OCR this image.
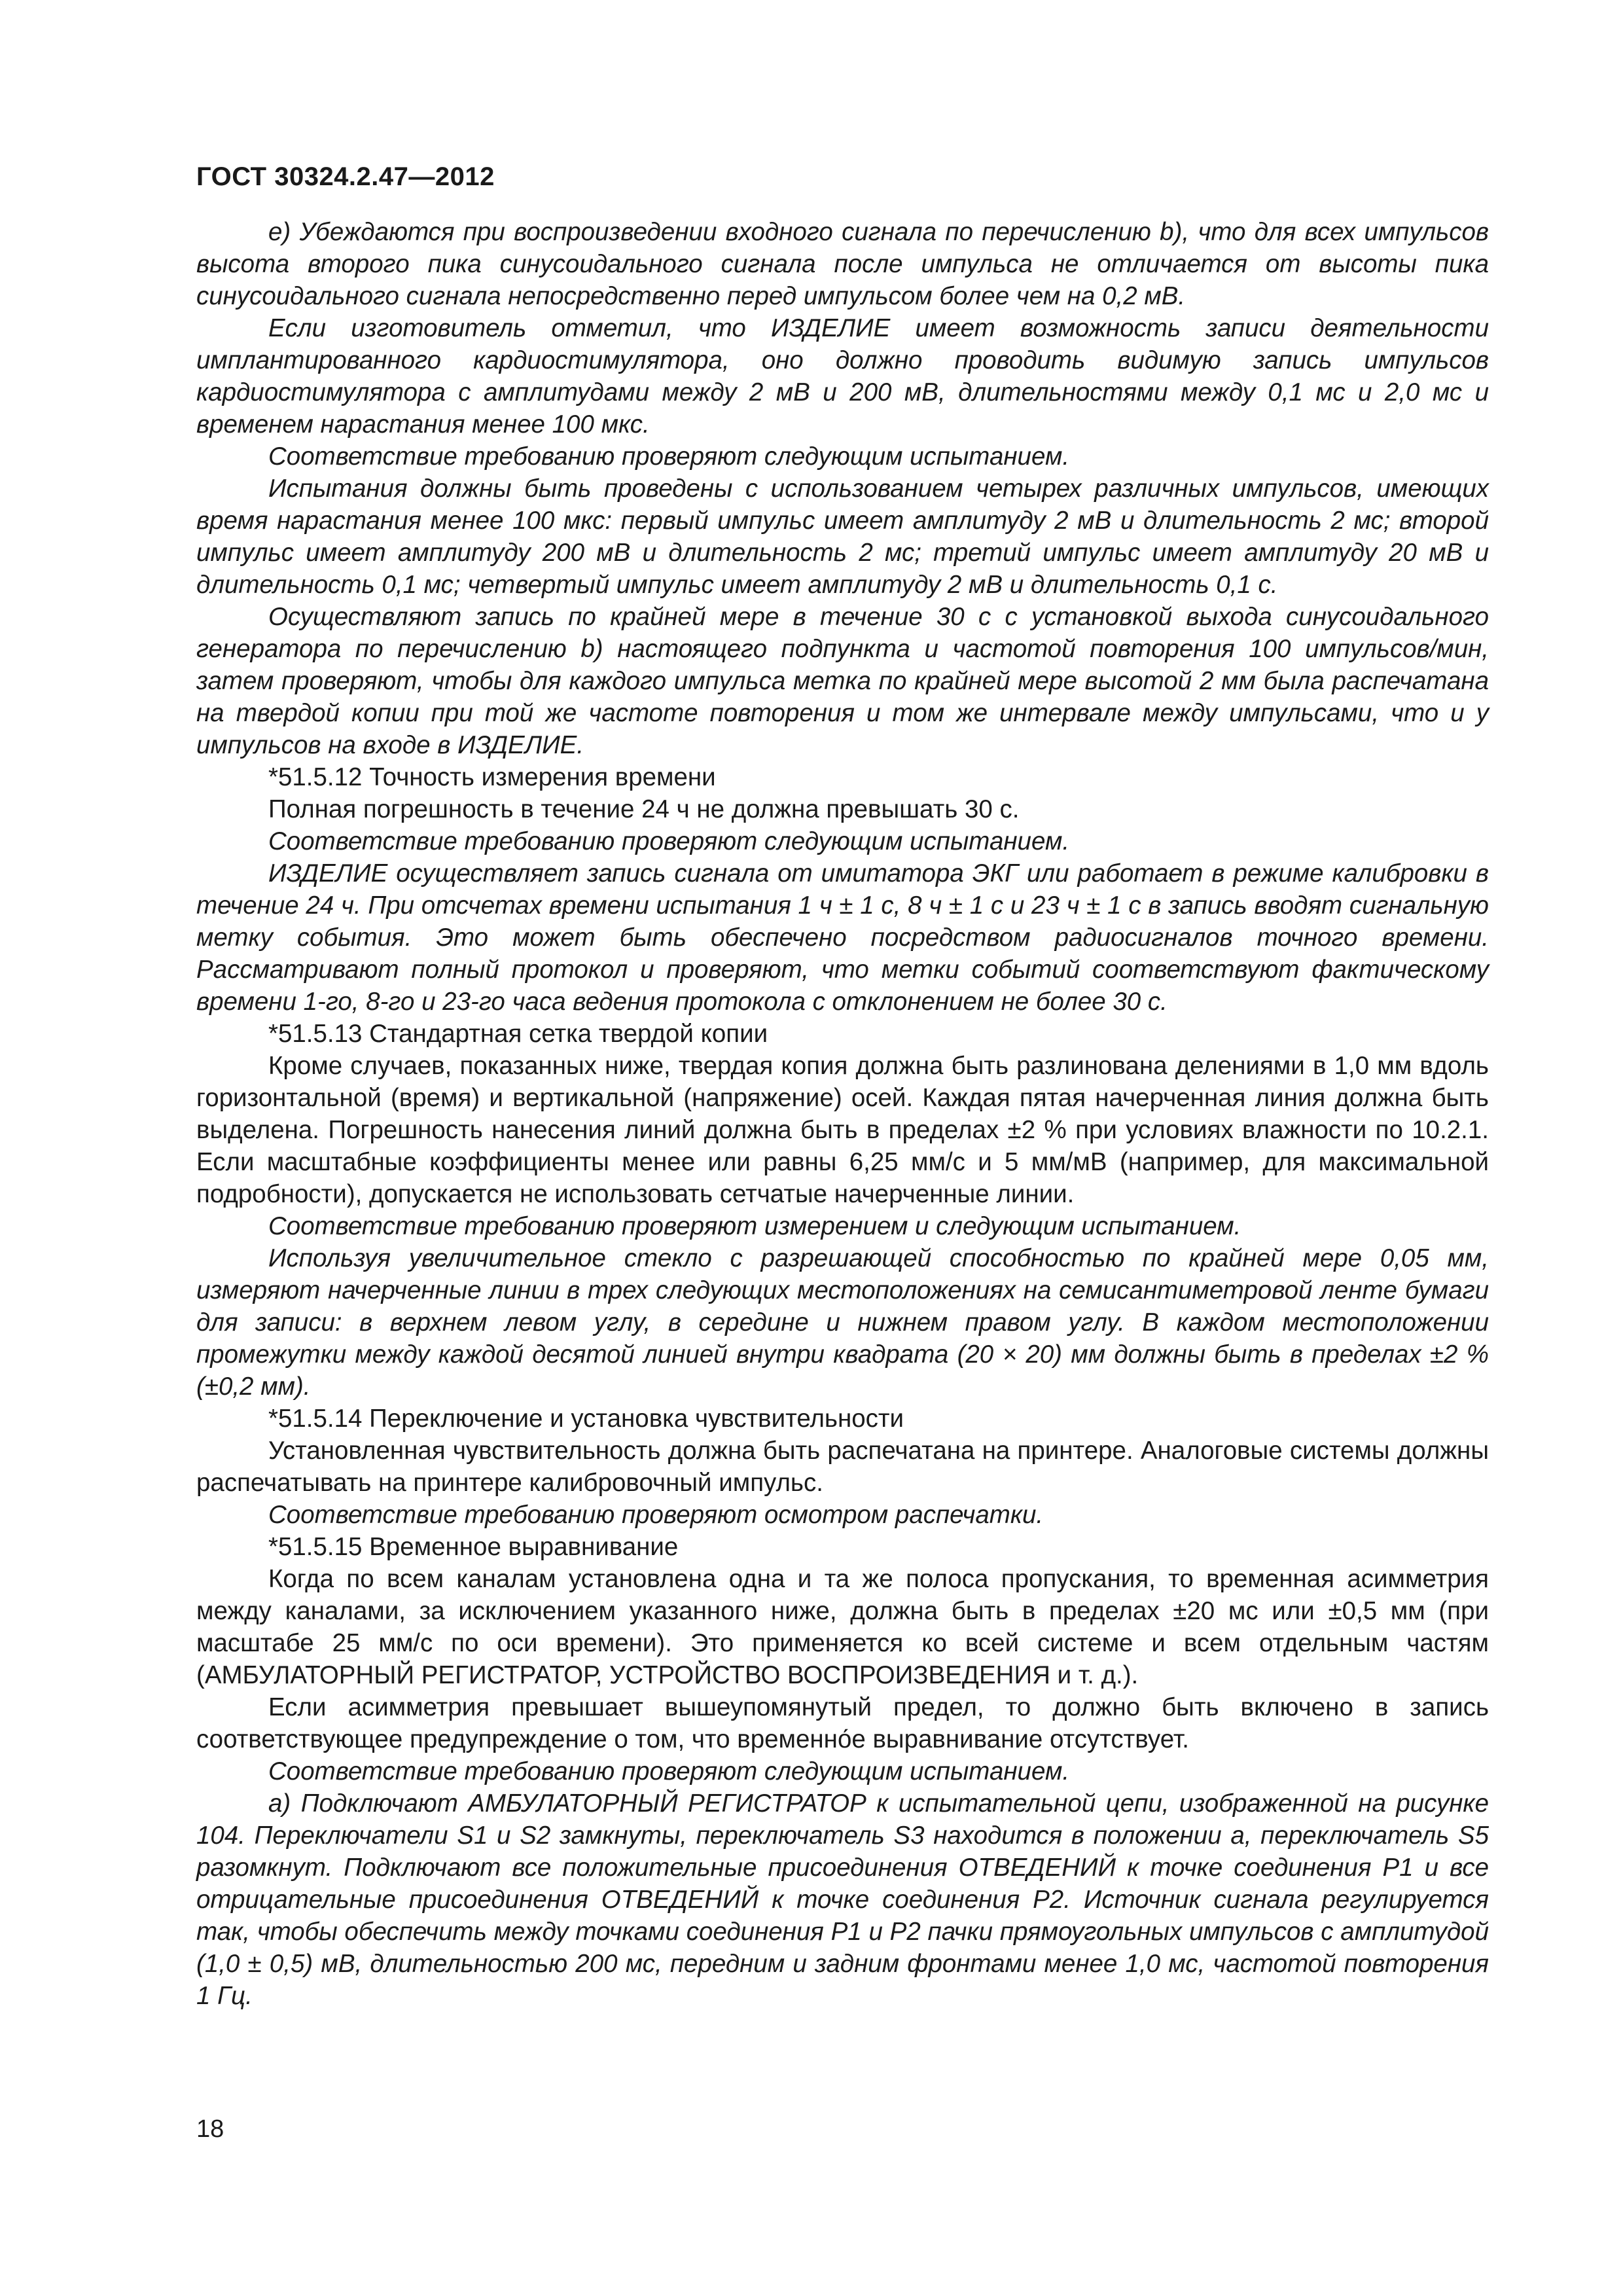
ГОСТ 30324.2.47—2012

е) Убеждаются при воспроизведении входного сигнала по перечислению b), что для всех импульсов высота второго пика синусоидального сигнала после импульса не отличается от высоты пика синусоидального сигнала непосредственно перед импульсом более чем на 0,2 мВ.

Если изготовитель отметил, что ИЗДЕЛИЕ имеет возможность записи деятельности имплантированного кардиостимулятора, оно должно проводить видимую запись импульсов кардиостимулятора с амплитудами между 2 мВ и 200 мВ, длительностями между 0,1 мс и 2,0 мс и временем нарастания менее 100 мкс.

Соответствие требованию проверяют следующим испытанием.

Испытания должны быть проведены с использованием четырех различных импульсов, имеющих время нарастания менее 100 мкс: первый импульс имеет амплитуду 2 мВ и длительность 2 мс; второй импульс имеет амплитуду 200 мВ и длительность 2 мс; третий импульс имеет амплитуду 20 мВ и длительность 0,1 мс; четвертый импульс имеет амплитуду 2 мВ и длительность 0,1 с.

Осуществляют запись по крайней мере в течение 30 с с установкой выхода синусоидального генератора по перечислению b) настоящего подпункта и частотой повторения 100 импульсов/мин, затем проверяют, чтобы для каждого импульса метка по крайней мере высотой 2 мм была распечатана на твердой копии при той же частоте повторения и том же интервале между импульсами, что и у импульсов на входе в ИЗДЕЛИЕ.

*51.5.12 Точность измерения времени

Полная погрешность в течение 24 ч не должна превышать 30 с.

Соответствие требованию проверяют следующим испытанием.

ИЗДЕЛИЕ осуществляет запись сигнала от имитатора ЭКГ или работает в режиме калибровки в течение 24 ч. При отсчетах времени испытания 1 ч ± 1 с, 8 ч ± 1 с и 23 ч ± 1 с в запись вводят сигнальную метку события. Это может быть обеспечено посредством радиосигналов точного времени. Рассматривают полный протокол и проверяют, что метки событий соответствуют фактическому времени 1-го, 8-го и 23-го часа ведения протокола с отклонением не более 30 с.

*51.5.13 Стандартная сетка твердой копии

Кроме случаев, показанных ниже, твердая копия должна быть разлинована делениями в 1,0 мм вдоль горизонтальной (время) и вертикальной (напряжение) осей. Каждая пятая начерченная линия должна быть выделена. Погрешность нанесения линий должна быть в пределах ±2 % при условиях влажности по 10.2.1. Если масштабные коэффициенты менее или равны 6,25 мм/с и 5 мм/мВ (например, для максимальной подробности), допускается не использовать сетчатые начерченные линии.

Соответствие требованию проверяют измерением и следующим испытанием.

Используя увеличительное стекло с разрешающей способностью по крайней мере 0,05 мм, измеряют начерченные линии в трех следующих местоположениях на семисантиметровой ленте бумаги для записи: в верхнем левом углу, в середине и нижнем правом углу. В каждом местоположении промежутки между каждой десятой линией внутри квадрата (20 × 20) мм должны быть в пределах ±2 % (±0,2 мм).

*51.5.14 Переключение и установка чувствительности

Установленная чувствительность должна быть распечатана на принтере. Аналоговые системы должны распечатывать на принтере калибровочный импульс.

Соответствие требованию проверяют осмотром распечатки.

*51.5.15 Временное выравнивание

Когда по всем каналам установлена одна и та же полоса пропускания, то временная асимметрия между каналами, за исключением указанного ниже, должна быть в пределах ±20 мс или ±0,5 мм (при масштабе 25 мм/с по оси времени). Это применяется ко всей системе и всем отдельным частям (АМБУЛАТОРНЫЙ РЕГИСТРАТОР, УСТРОЙСТВО ВОСПРОИЗВЕДЕНИЯ и т. д.).

Если асимметрия превышает вышеупомянутый предел, то должно быть включено в запись соответствующее предупреждение о том, что временно́е выравнивание отсутствует.

Соответствие требованию проверяют следующим испытанием.

а) Подключают АМБУЛАТОРНЫЙ РЕГИСТРАТОР к испытательной цепи, изображенной на рисунке 104. Переключатели S1 и S2 замкнуты, переключатель S3 находится в положении а, переключатель S5 разомкнут. Подключают все положительные присоединения ОТВЕДЕНИЙ к точке соединения Р1 и все отрицательные присоединения ОТВЕДЕНИЙ к точке соединения Р2. Источник сигнала регулируется так, чтобы обеспечить между точками соединения Р1 и Р2 пачки прямоугольных импульсов с амплитудой (1,0 ± 0,5) мВ, длительностью 200 мс, передним и задним фронтами менее 1,0 мс, частотой повторения 1 Гц.

18
